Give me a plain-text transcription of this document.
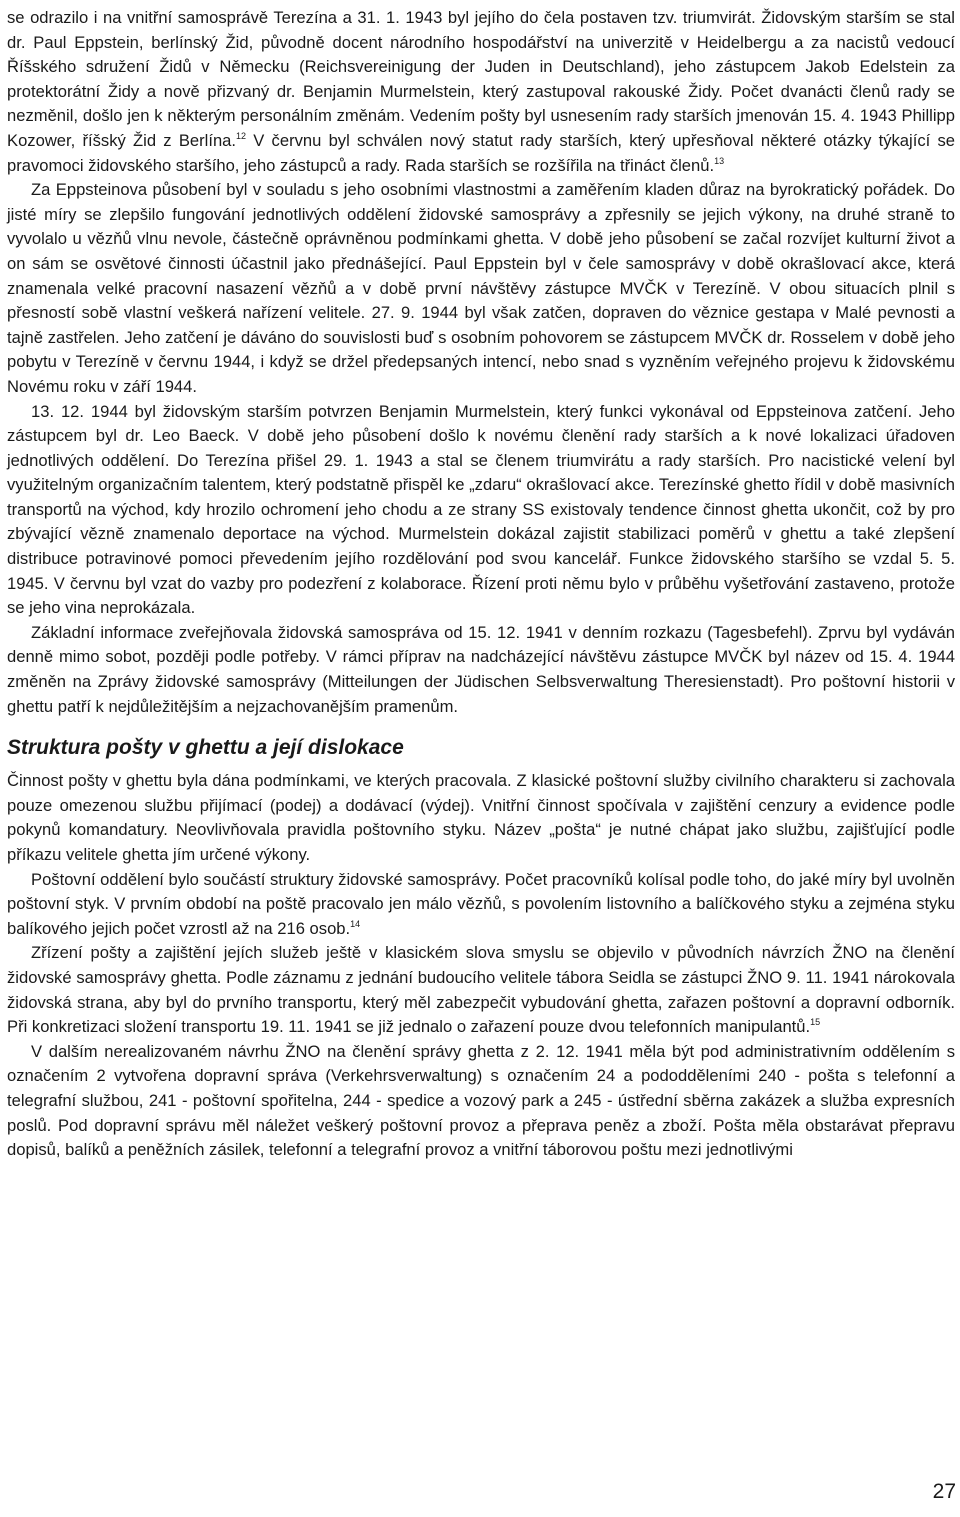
se odrazilo i na vnitřní samosprávě Terezína a 31. 1. 1943 byl jejího do čela postaven tzv. triumvirát. Židovským starším se stal dr. Paul Eppstein, berlínský Žid, původně docent národního hospodářství na univerzitě v Heidelbergu a za nacistů vedoucí Říšského sdružení Židů v Německu (Reichsvereinigung der Juden in Deutschland), jeho zástupcem Jakob Edelstein za protektorátní Židy a nově přizvaný dr. Benjamin Murmelstein, který zastupoval rakouské Židy. Počet dvanácti členů rady se nezměnil, došlo jen k některým personálním změnám. Vedením pošty byl usnesením rady starších jmenován 15. 4. 1943 Phillipp Kozower, říšský Žid z Berlína.$^{12}$ V červnu byl schválen nový statut rady starších, který upřesňoval některé otázky týkající se pravomoci židovského staršího, jeho zástupců a rady. Rada starších se rozšířila na třináct členů.$^{13}$

Za Eppsteinova působení byl v souladu s jeho osobními vlastnostmi a zaměřením kladen důraz na byrokratický pořádek. Do jisté míry se zlepšilo fungování jednotlivých oddělení židovské samosprávy a zpřesnily se jejich výkony, na druhé straně to vyvolalo u vězňů vlnu nevole, částečně oprávněnou podmínkami ghetta. V době jeho působení se začal rozvíjet kulturní život a on sám se osvětové činnosti účastnil jako přednášející. Paul Eppstein byl v čele samosprávy v době okrašlovací akce, která znamenala velké pracovní nasazení vězňů a v době první návštěvy zástupce MVČK v Terezíně. V obou situacích plnil s přesností sobě vlastní veškerá nařízení velitele. 27. 9. 1944 byl však zatčen, dopraven do věznice gestapa v Malé pevnosti a tajně zastřelen. Jeho zatčení je dáváno do souvislosti buď s osobním pohovorem se zástupcem MVČK dr. Rosselem v době jeho pobytu v Terezíně v červnu 1944, i když se držel předepsaných intencí, nebo snad s vyzněním veřejného projevu k židovskému Novému roku v září 1944.

13. 12. 1944 byl židovským starším potvrzen Benjamin Murmelstein, který funkci vykonával od Eppsteinova zatčení. Jeho zástupcem byl dr. Leo Baeck. V době jeho působení došlo k novému členění rady starších a k nové lokalizaci úřadoven jednotlivých oddělení. Do Terezína přišel 29. 1. 1943 a stal se členem triumvirátu a rady starších. Pro nacistické velení byl využitelným organizačním talentem, který podstatně přispěl ke „zdaru“ okrašlovací akce. Terezínské ghetto řídil v době masivních transportů na východ, kdy hrozilo ochromení jeho chodu a ze strany SS existovaly tendence činnost ghetta ukončit, což by pro zbývající vězně znamenalo deportace na východ. Murmelstein dokázal zajistit stabilizaci poměrů v ghettu a také zlepšení distribuce potravinové pomoci převedením jejího rozdělování pod svou kancelář. Funkce židovského staršího se vzdal 5. 5. 1945. V červnu byl vzat do vazby pro podezření z kolaborace. Řízení proti němu bylo v průběhu vyšetřování zastaveno, protože se jeho vina neprokázala.

Základní informace zveřejňovala židovská samospráva od 15. 12. 1941 v denním rozkazu (Tagesbefehl). Zprvu byl vydáván denně mimo sobot, později podle potřeby. V rámci příprav na nadcházející návštěvu zástupce MVČK byl název od 15. 4. 1944 změněn na Zprávy židovské samosprávy (Mitteilungen der Jüdischen Selbsverwaltung Theresienstadt). Pro poštovní historii v ghettu patří k nejdůležitějším a nejzachovanějším pramenům.

Struktura pošty v ghettu a její dislokace

Činnost pošty v ghettu byla dána podmínkami, ve kterých pracovala. Z klasické poštovní služby civilního charakteru si zachovala pouze omezenou službu přijímací (podej) a dodávací (výdej). Vnitřní činnost spočívala v zajištění cenzury a evidence podle pokynů komandatury. Neovlivňovala pravidla poštovního styku. Název „pošta“ je nutné chápat jako službu, zajišťující podle příkazu velitele ghetta jím určené výkony.

Poštovní oddělení bylo součástí struktury židovské samosprávy. Počet pracovníků kolísal podle toho, do jaké míry byl uvolněn poštovní styk. V prvním období na poště pracovalo jen málo vězňů, s povolením listovního a balíčkového styku a zejména styku balíkového jejich počet vzrostl až na 216 osob.$^{14}$

Zřízení pošty a zajištění jejích služeb ještě v klasickém slova smyslu se objevilo v původních návrzích ŽNO na členění židovské samosprávy ghetta. Podle záznamu z jednání budoucího velitele tábora Seidla se zástupci ŽNO 9. 11. 1941 nárokovala židovská strana, aby byl do prvního transportu, který měl zabezpečit vybudování ghetta, zařazen poštovní a dopravní odborník. Při konkretizaci složení transportu 19. 11. 1941 se již jednalo o zařazení pouze dvou telefonních manipulantů.$^{15}$

V dalším nerealizovaném návrhu ŽNO na členění správy ghetta z 2. 12. 1941 měla být pod administrativním oddělením s označením 2 vytvořena dopravní správa (Verkehrsverwaltung) s označením 24 a pododděleními 240 - pošta s telefonní a telegrafní službou, 241 - poštovní spořitelna, 244 - spedice a vozový park a 245 - ústřední sběrna zakázek a služba expresních poslů. Pod dopravní správu měl náležet veškerý poštovní provoz a přeprava peněz a zboží. Pošta měla obstarávat přepravu dopisů, balíků a peněžních zásilek, telefonní a telegrafní provoz a vnitřní táborovou poštu mezi jednotlivými

27
